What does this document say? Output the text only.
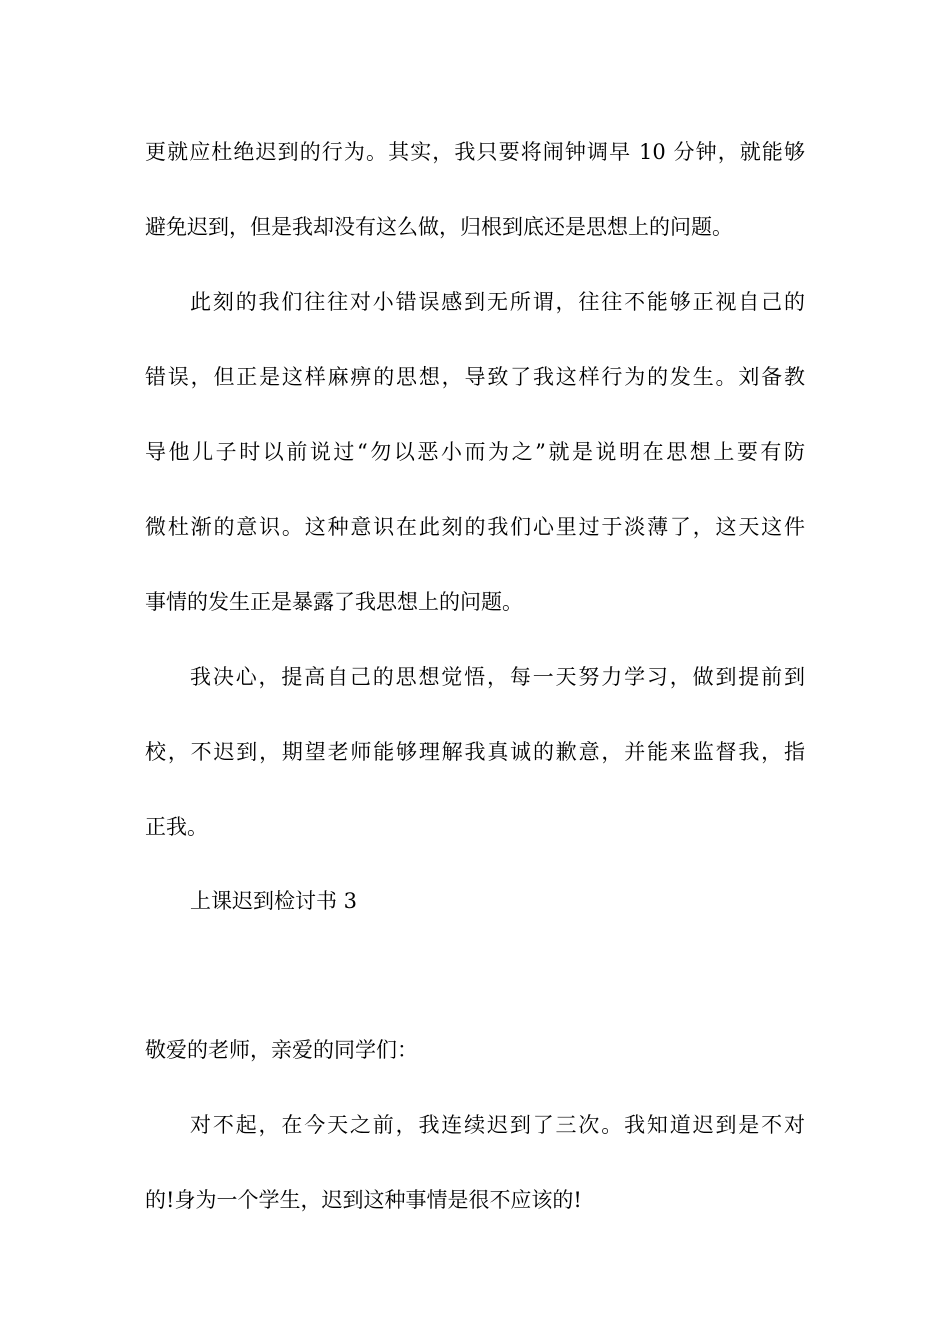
更就应杜绝迟到的行为。其实，我只要将闹钟调早 10 分钟，就能够
避免迟到，但是我却没有这么做，归根到底还是思想上的问题。
此刻的我们往往对小错误感到无所谓，往往不能够正视自己的
错误，但正是这样麻痹的思想，导致了我这样行为的发生。刘备教
导他儿子时以前说过“勿以恶小而为之”就是说明在思想上要有防
微杜渐的意识。这种意识在此刻的我们心里过于淡薄了，这天这件
事情的发生正是暴露了我思想上的问题。
我决心，提高自己的思想觉悟，每一天努力学习，做到提前到
校，不迟到，期望老师能够理解我真诚的歉意，并能来监督我，指
正我。
上课迟到检讨书 3
敬爱的老师，亲爱的同学们：
对不起，在今天之前，我连续迟到了三次。我知道迟到是不对
的!身为一个学生，迟到这种事情是很不应该的!
